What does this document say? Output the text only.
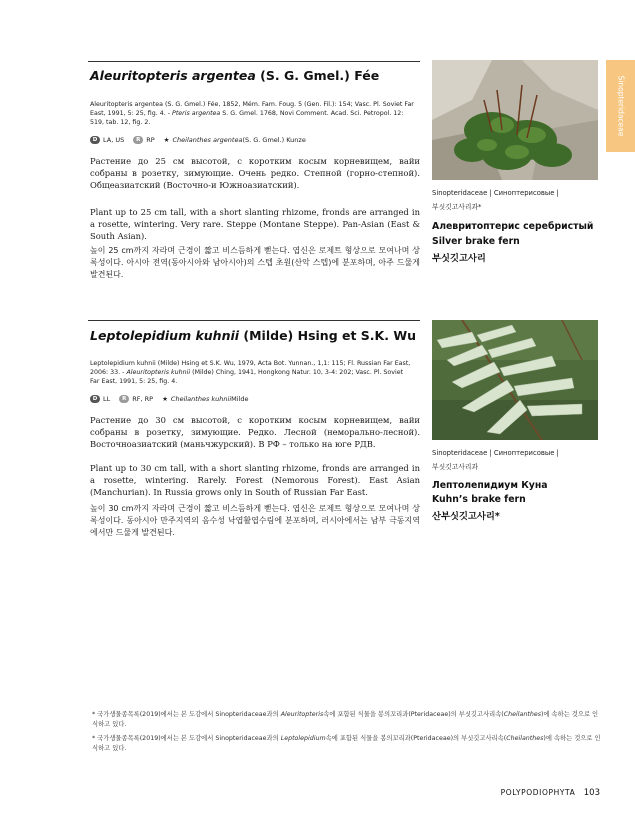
Sinopteridaceae
Aleuritopteris argentea (S. G. Gmel.) Fée
Aleuritopteris argentea (S. G. Gmel.) Fée, 1852, Mém. Fam. Foug. 5 (Gen. Fil.): 154; Vasc. Pl. Soviet Far
East, 1991, 5: 25, fig. 4. - Pteris argentea S. G. Gmel. 1768, Novi Comment. Acad. Sci. Petropol. 12:
519, tab. 12, fig. 2.
D LA, US	R RP ★ Cheilanthes argentea (S. G. Gmel.) Kunze
Растение до 25 см высотой, с коротким косым корневищем, вайи собраны в розетку, зимующие. Очень редко. Степной (горно-степной). Общеазиатский (Восточно-и Южноазиатский).
Plant up to 25 cm tall, with a short slanting rhizome, fronds are arranged in a rosette, wintering. Very rare. Steppe (Montane Steppe). Pan-Asian (East & South Asian).
높이 25 cm까지 자라며 근경이 짧고 비스듬하게 뻗는다. 엽신은 로제트 형상으로 모여나며 상록성이다. 아시아 전역(동아시아와 남아시아)의 스텝 초원(산악 스텝)에 분포하며, 아주 드물게 발견된다.
Sinopteridaceae | Синоптерисовые |
부싯깃고사리과*
Алевритоптерис серебристый
Silver brake fern
부싯깃고사리
Leptolepidium kuhnii (Milde) Hsing et S.K. Wu
Leptolepidium kuhnii (Milde) Hsing et S.K. Wu, 1979, Acta Bot. Yunnan., 1,1: 115; Fl. Russian Far East,
2006: 33. - Aleuritopteris kuhnii (Milde) Ching, 1941, Hongkong Natur. 10, 3-4: 202; Vasc. Pl. Soviet
Far East, 1991, 5: 25, fig. 4.
D LL	R RF, RP ★ Cheilanthes kuhnii Milde
Растение до 30 см высотой, с коротким косым корневищем, вайи собраны в розетку, зимующие. Редко. Лесной (неморально-лесной). Восточноазиатский (маньчжурский). В РФ – только на юге РДВ.
Plant up to 30 cm tall, with a short slanting rhizome, fronds are arranged in a rosette, wintering. Rarely. Forest (Nemorous Forest). East Asian (Manchurian). In Russia grows only in South of Russian Far East.
높이 30 cm까지 자라며 근경이 짧고 비스듬하게 뻗는다. 엽신은 로제트 형상으로 모여나며 상록성이다. 동아시아 만주지역의 음수성 낙엽활엽수림에 분포하며, 러시아에서는 남부 극동지역에서만 드물게 발견된다.
Sinopteridaceae | Синоптерисовые |
부싯깃고사리과
Лептолепидиум Куна
Kuhn’s brake fern
산부싯깃고사리*
* 국가생물종목록(2019)에서는 본 도감에서 Sinopteridaceae과의 Aleuritopteris속에 포함된 식물을 봉의꼬리과(Pteridaceae)의 부싯깃고사리속(Cheilanthes)에 속하는 것으로 인식하고 있다.
* 국가생물종목록(2019)에서는 본 도감에서 Sinopteridaceae과의 Leptolepidium속에 포함된 식물을 봉의꼬리과(Pteridaceae)의 부싯깃고사리속(Cheilanthes)에 속하는 것으로 인식하고 있다.
POLYPODIOPHYTA 103
